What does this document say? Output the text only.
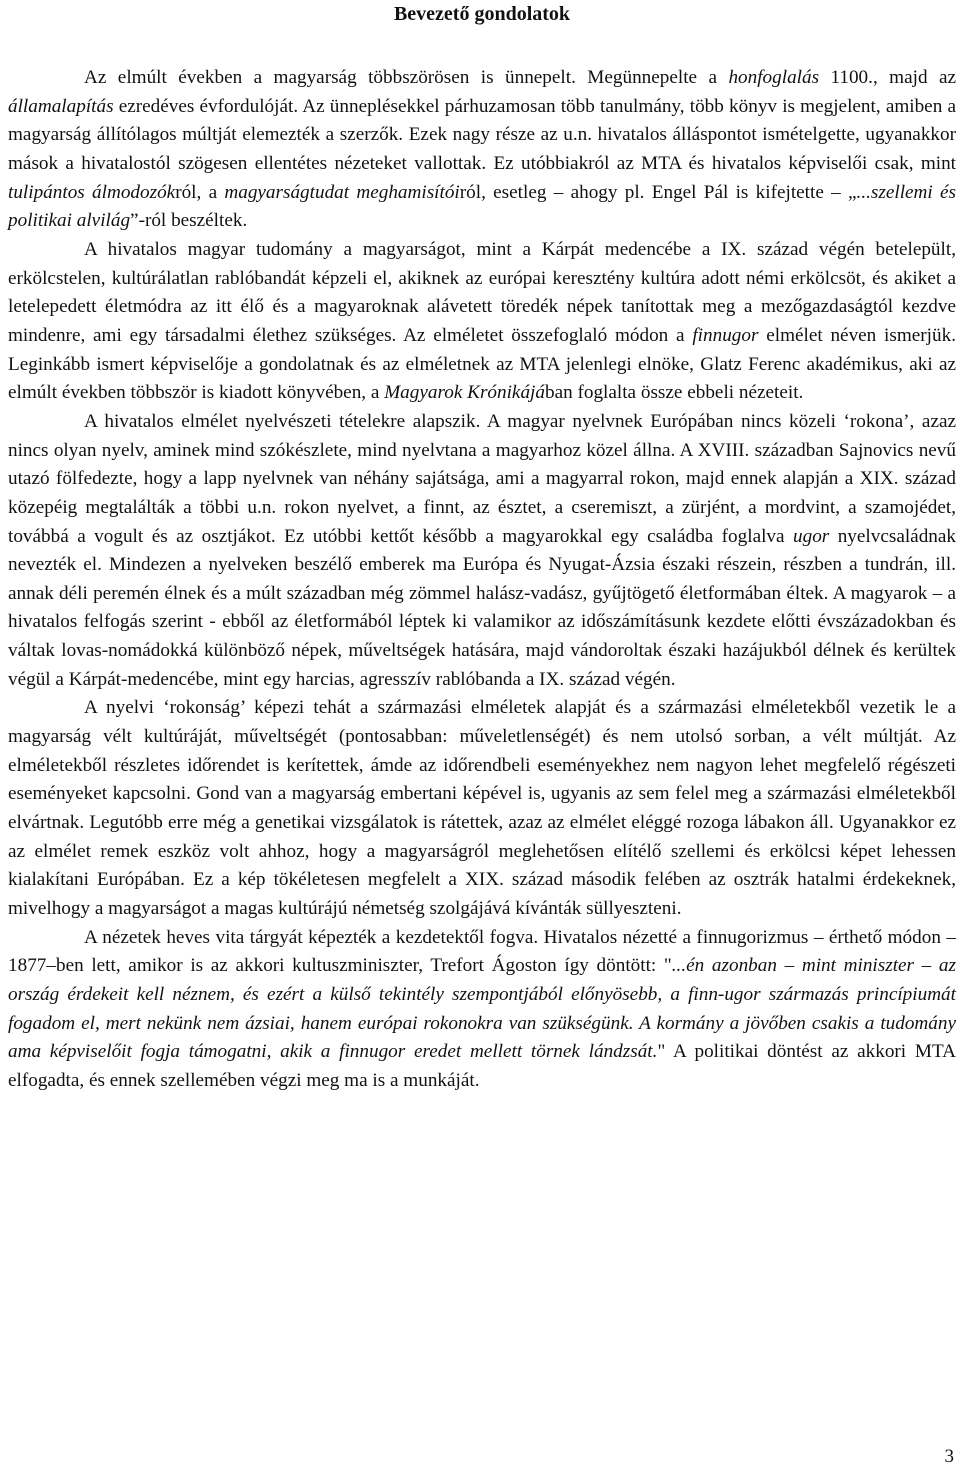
Bevezető gondolatok

Az elmúlt években a magyarság többszörösen is ünnepelt. Megünnepelte a honfoglalás 1100., majd az államalapítás ezredéves évfordulóját. Az ünneplésekkel párhuzamosan több tanulmány, több könyv is megjelent, amiben a magyarság állítólagos múltját elemezték a szerzők. Ezek nagy része az u.n. hivatalos álláspontot ismételgette, ugyanakkor mások a hivatalostól szögesen ellentétes nézeteket vallottak. Ez utóbbiakról az MTA és hivatalos képviselői csak, mint tulipántos álmodozókról, a magyarságtudat meghamisítóiról, esetleg – ahogy pl. Engel Pál is kifejtette – „...szellemi és politikai alvilág”-ról beszéltek.

A hivatalos magyar tudomány a magyarságot, mint a Kárpát medencébe a IX. század végén betelepült, erkölcstelen, kultúrálatlan rablóbandát képzeli el, akiknek az európai keresztény kultúra adott némi erkölcsöt, és akiket a letelepedett életmódra az itt élő és a magyaroknak alávetett töredék népek tanítottak meg a mezőgazdaságtól kezdve mindenre, ami egy társadalmi élethez szükséges. Az elméletet összefoglaló módon a finnugor elmélet néven ismerjük. Leginkább ismert képviselője a gondolatnak és az elméletnek az MTA jelenlegi elnöke, Glatz Ferenc akadémikus, aki az elmúlt években többször is kiadott könyvében, a Magyarok Krónikájában foglalta össze ebbeli nézeteit.

A hivatalos elmélet nyelvészeti tételekre alapszik. A magyar nyelvnek Európában nincs közeli ‘rokona’, azaz nincs olyan nyelv, aminek mind szókészlete, mind nyelvtana a magyarhoz közel állna. A XVIII. században Sajnovics nevű utazó fölfedezte, hogy a lapp nyelvnek van néhány sajátsága, ami a magyarral rokon, majd ennek alapján a XIX. század közepéig megtalálták a többi u.n. rokon nyelvet, a finnt, az észtet, a cseremiszt, a zürjént, a mordvint, a szamojédet, továbbá a vogult és az osztjákot. Ez utóbbi kettőt később a magyarokkal egy családba foglalva ugor nyelvcsaládnak nevezték el. Mindezen a nyelveken beszélő emberek ma Európa és Nyugat-Ázsia északi részein, részben a tundrán, ill. annak déli peremén élnek és a múlt században még zömmel halász-vadász, gyűjtögető életformában éltek. A magyarok – a hivatalos felfogás szerint - ebből az életformából léptek ki valamikor az időszámításunk kezdete előtti évszázadokban és váltak lovas-nomádokká különböző népek, műveltségek hatására, majd vándoroltak északi hazájukból délnek és kerültek végül a Kárpát-medencébe, mint egy harcias, agresszív rablóbanda a IX. század végén.

A nyelvi ‘rokonság’ képezi tehát a származási elméletek alapját és a származási elméletekből vezetik le a magyarság vélt kultúráját, műveltségét (pontosabban: műveletlenségét) és nem utolsó sorban, a vélt múltját. Az elméletekből részletes időrendet is kerítettek, ámde az időrendbeli eseményekhez nem nagyon lehet megfelelő régészeti eseményeket kapcsolni. Gond van a magyarság embertani képével is, ugyanis az sem felel meg a származási elméletekből elvártnak. Legutóbb erre még a genetikai vizsgálatok is rátettek, azaz az elmélet eléggé rozoga lábakon áll. Ugyanakkor ez az elmélet remek eszköz volt ahhoz, hogy a magyarságról meglehetősen elítélő szellemi és erkölcsi képet lehessen kialakítani Európában. Ez a kép tökéletesen megfelelt a XIX. század második felében az osztrák hatalmi érdekeknek, mivelhogy a magyarságot a magas kultúrájú németség szolgájává kívánták süllyeszteni.

A nézetek heves vita tárgyát képezték a kezdetektől fogva. Hivatalos nézetté a finnugorizmus – érthető módon – 1877–ben lett, amikor is az akkori kultuszminiszter, Trefort Ágoston így döntött: "...én azonban – mint miniszter – az ország érdekeit kell néznem, és ezért a külső tekintély szempontjából előnyösebb, a finn-ugor származás princípiumát fogadom el, mert nekünk nem ázsiai, hanem európai rokonokra van szükségünk. A kormány a jövőben csakis a tudomány ama képviselőit fogja támogatni, akik a finnugor eredet mellett törnek lándzsát." A politikai döntést az akkori MTA elfogadta, és ennek szellemében végzi meg ma is a munkáját.

3
